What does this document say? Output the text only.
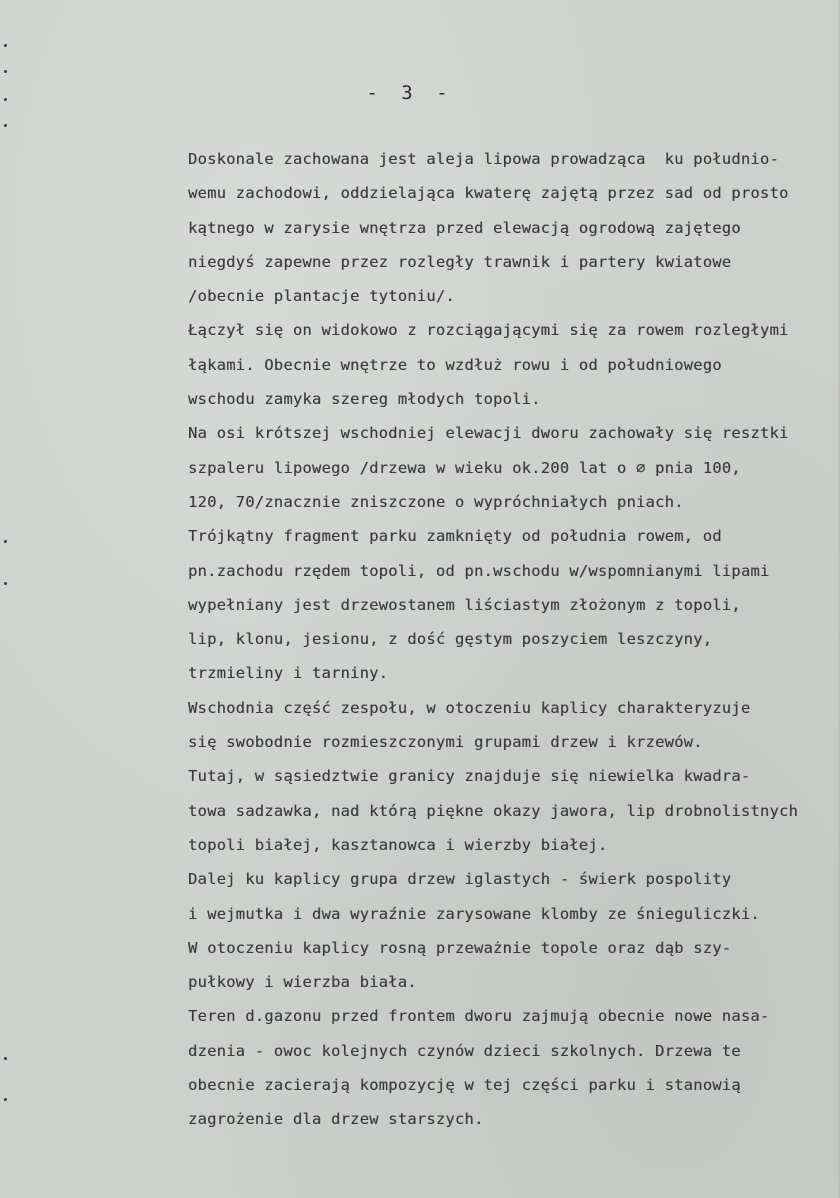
- 3 -
Doskonale zachowana jest aleja lipowa prowadząca  ku południo-
wemu zachodowi, oddzielająca kwaterę zajętą przez sad od prosto
kątnego w zarysie wnętrza przed elewacją ogrodową zajętego
niegdyś zapewne przez rozległy trawnik i partery kwiatowe
/obecnie plantacje tytoniu/.
Łączył się on widokowo z rozciągającymi się za rowem rozległymi
łąkami. Obecnie wnętrze to wzdłuż rowu i od południowego
wschodu zamyka szereg młodych topoli.
Na osi krótszej wschodniej elewacji dworu zachowały się resztki
szpaleru lipowego /drzewa w wieku ok.200 lat o ∅ pnia 100,
120, 70/znacznie zniszczone o wypróchniałych pniach.
Trójkątny fragment parku zamknięty od południa rowem, od
pn.zachodu rzędem topoli, od pn.wschodu w/wspomnianymi lipami
wypełniany jest drzewostanem liściastym złożonym z topoli,
lip, klonu, jesionu, z dość gęstym poszyciem leszczyny,
trzmieliny i tarniny.
Wschodnia część zespołu, w otoczeniu kaplicy charakteryzuje
się swobodnie rozmieszczonymi grupami drzew i krzewów.
Tutaj, w sąsiedztwie granicy znajduje się niewielka kwadra-
towa sadzawka, nad którą piękne okazy jawora, lip drobnolistnych
topoli białej, kasztanowca i wierzby białej.
Dalej ku kaplicy grupa drzew iglastych - świerk pospolity
i wejmutka i dwa wyraźnie zarysowane klomby ze śnieguliczki.
W otoczeniu kaplicy rosną przeważnie topole oraz dąb szy-
pułkowy i wierzba biała.
Teren d.gazonu przed frontem dworu zajmują obecnie nowe nasa-
dzenia - owoc kolejnych czynów dzieci szkolnych. Drzewa te
obecnie zacierają kompozycję w tej części parku i stanowią
zagrożenie dla drzew starszych.
